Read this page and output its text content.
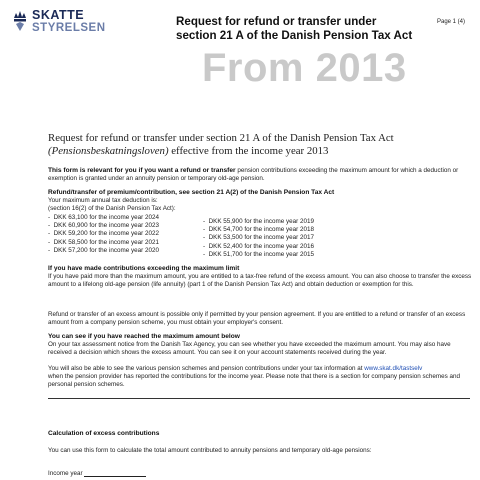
SKATTE
STYRELSEN	Request for refund or transfer under
section 21 A of the Danish Pension Tax Act
Page 1 (4)
From 2013
Request for refund or transfer under section 21 A of the Danish Pension Tax Act
(Pensionsbeskatningsloven) effective from the income year 2013
This form is relevant for you if you want a refund or transfer pension contributions exceeding the maximum amount for which a deduction or exemption is granted under an annuity pension or temporary old-age pension.
Refund/transfer of premium/contribution, see section 21 A(2) of the Danish Pension Tax Act
Your maximum annual tax deduction is:
(section 16(2) of the Danish Pension Tax Act):
-  DKK 63,100 for the income year 2024
-  DKK 60,900 for the income year 2023
-  DKK 59,200 for the income year 2022
-  DKK 58,500 for the income year 2021
-  DKK 57,200 for the income year 2020
-  DKK 55,900 for the income year 2019
-  DKK 54,700 for the income year 2018
-  DKK 53,500 for the income year 2017
-  DKK 52,400 for the income year 2016
-  DKK 51,700 for the income year 2015
If you have made contributions exceeding the maximum limit
If you have paid more than the maximum amount, you are entitled to a tax-free refund of the excess amount. You can also choose to transfer the excess amount to a lifelong old-age pension (life annuity) (part 1 of the Danish Pension Tax Act) and obtain deduction or exemption for this.
Refund or transfer of an excess amount is possible only if permitted by your pension agreement. If you are entitled to a refund or transfer of an excess amount from a company pension scheme, you must obtain your employer's consent.
You can see if you have reached the maximum amount below
On your tax assessment notice from the Danish Tax Agency, you can see whether you have exceeded the maximum amount. You may also have received a decision which shows the excess amount. You can see it on your account statements received during the year.
You will also be able to see the various pension schemes and pension contributions under your tax information at www.skat.dk/tastselv
when the pension provider has reported the contributions for the income year. Please note that there is a section for company pension schemes and personal pension schemes.
Calculation of excess contributions
You can use this form to calculate the total amount contributed to annuity pensions and temporary old-age pensions:
Income year
